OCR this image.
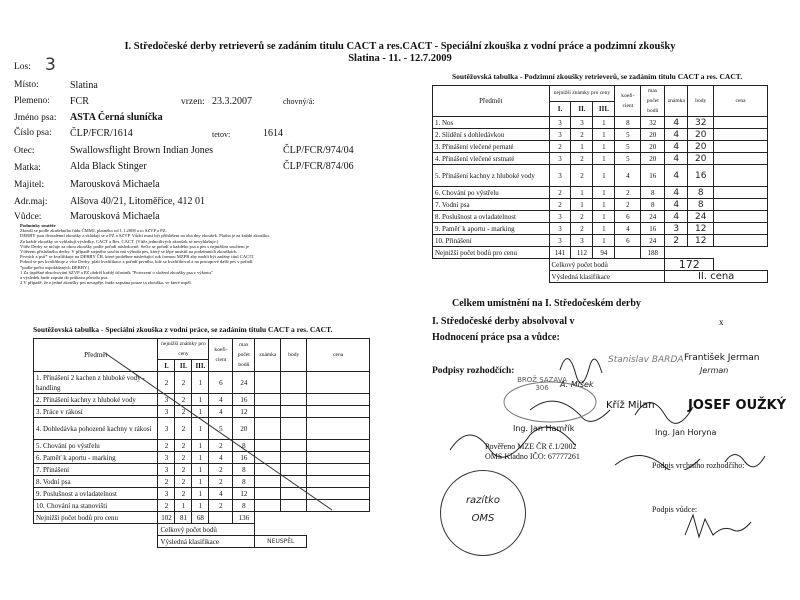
I. Středočeské derby retrieverů se zadáním titulu CACT a res.CACT - Speciální zkouška z vodní práce a podzimní zkoušky
Slatina - 11. - 12.7.2009
Los: 3
Místo:	Slatina
Plemeno: FCR	vrzen: 23.3.2007	chovný/á:
Jméno psa: ASTA Černá sluníčka
Číslo psa: ČLP/FCR/1614	tetov:	1614
Otec:	Swallowsflight Brown Indian Jones	ČLP/FCR/974/04
Matka:	Alda Black Stinger	ČLP/FCR/874/06
Majitel:	Marousková Michaela
Adr.maj: Alšova 40/21, Litoměřice, 412 01
Vůdce:	Marousková Michaela
Podmínky soutěže
Zkouší se podle zkušebního řádu ČMMJ, platného od 1.1.2008 a to SZVP a PZ.
DERBY jsou dvoudenní zkoušky a skládají se z PZ a SZVP. Vůdci musí být přihlášeni na oba dny zkoušek. Platba je za každé zkoušku.
Za každé zkoušky se vyhlašují výsledky, CACT a Res. CACT. (Vítěz jednotlivých zkoušek se nevyhlašuje.)
Vítěz Derby se určuje za obou zkoušky podle pořadí následovně: Sečte se pořadí u každého psa a pes s nejnižším součtem je
Vítězem příslušného derby. V případě stejného součtu má výhodu pes, který se lépe umístil na podzimních zkouškách.
Prvních x psů* se kvalifikuje na DERBY ČR, které proběhne následující rok formou MZPR aby mohli být zadány titul CACIT.
Pokud se pes kvalifikuje z více Derby, platí kvalifikace z pořadí prvního, kde se kvalifikoval a na postupové další pes v pořadí.
*podle počtu uspořádaných DERBY.)
1 Za úspěšné absolvování SZVP a PZ obdrží každý účastník "Potvrzení o složení zkoušky psa z výkonu"
a výsledek bude zapsán do průkazu původu psa.
2 V případě, že z jedné zkoušky pes neuspěje, bude zapsána pouze ta zkouška, ve které uspěl.
Soutěžovská tabulka - Speciální zkouška z vodní práce, se zadáním titulu CACT a res. CACT.
Předmět	nejnižší známky pro ceny			koefi-cient	max počet bodů	známka	body	cena
	I.	II.	III.					
1. Přinášení 2 kachen z hluboké vody -handling	2	2	1	6	24			
2. Přinášení kachny z hluboké vody	3	2	1	4	16			
3. Práce v rákosí	3	2	1	4	12			
4. Dohledávka pohozené kachny v rákosí	3	2	1	5	20			
5. Chování po výstřelu	2	2	1	2	8			
6. Paměť k aportu - marking	3	2	1	4	16			
7. Přinášení	3	2	1	2	8			
8. Vodní psa	2	2	1	2	8			
9. Poslušnost a ovladatelnost	3	2	1	4	12			
10. Chování na stanovišti	2	1	1	2	8			
Nejnižší počet bodů pro cenu	102	81	68		136			
	Celkový počet bodů							
	Výsledná klasifikace					NEUSPĚL		
Soutěžovská tabulka - Podzimní zkoušky retrieverů, se zadáním titulu CACT a res. CACT.
Předmět	nejnižší známky pro ceny			koefi-cient	max počet bodů	známka	body	cena
	I.	II.	III.					
1. Nos	3	3	1	8	32	4	32	
2. Slídění s dohledávkou	3	2	1	5	20	4	20	
3. Přinášení vlečené pernaté	2	1	1	5	20	4	20	
4. Přinášení vlečené srstnaté	3	2	1	5	20	4	20	
5. Přinášení kachny z hluboké vody	3	2	1	4	16	4	16	
6. Chování po výstřelu	2	1	1	2	8	4	8	
7. Vodní psa	2	1	1	2	8	4	8	
8. Poslušnost a ovladatelnost	3	2	1	6	24	4	24	
9. Paměť k aportu - marking	3	2	1	4	16	3	12	
10. Přinášení	3	3	1	6	24	2	12	
Nejnižší počet bodů pro cenu	141	112	94		188			
	Celkový počet bodů					172		
	Výsledná klasifikace					II. cena		
Celkem umístnění na I. Středočeském derby
I. Středočeské derby absolvoval v	x
Hodnocení práce psa a vůdce:
Podpisy rozhodčích:
Stanislav BARDA František Jerman
Jerman
BROŽ SAZAVA 306	A. Míšek
Kříž Milan	JOSEF OUŽKÝ
Ing. Jan Hamřík	Ing. Jan Horyna
Pověřeno MZE ČR č.1/2002
OMS Kladno IČO: 67777261
razítko
OMS
Podpis vrchního rozhodčího:
Podpis vůdce:
